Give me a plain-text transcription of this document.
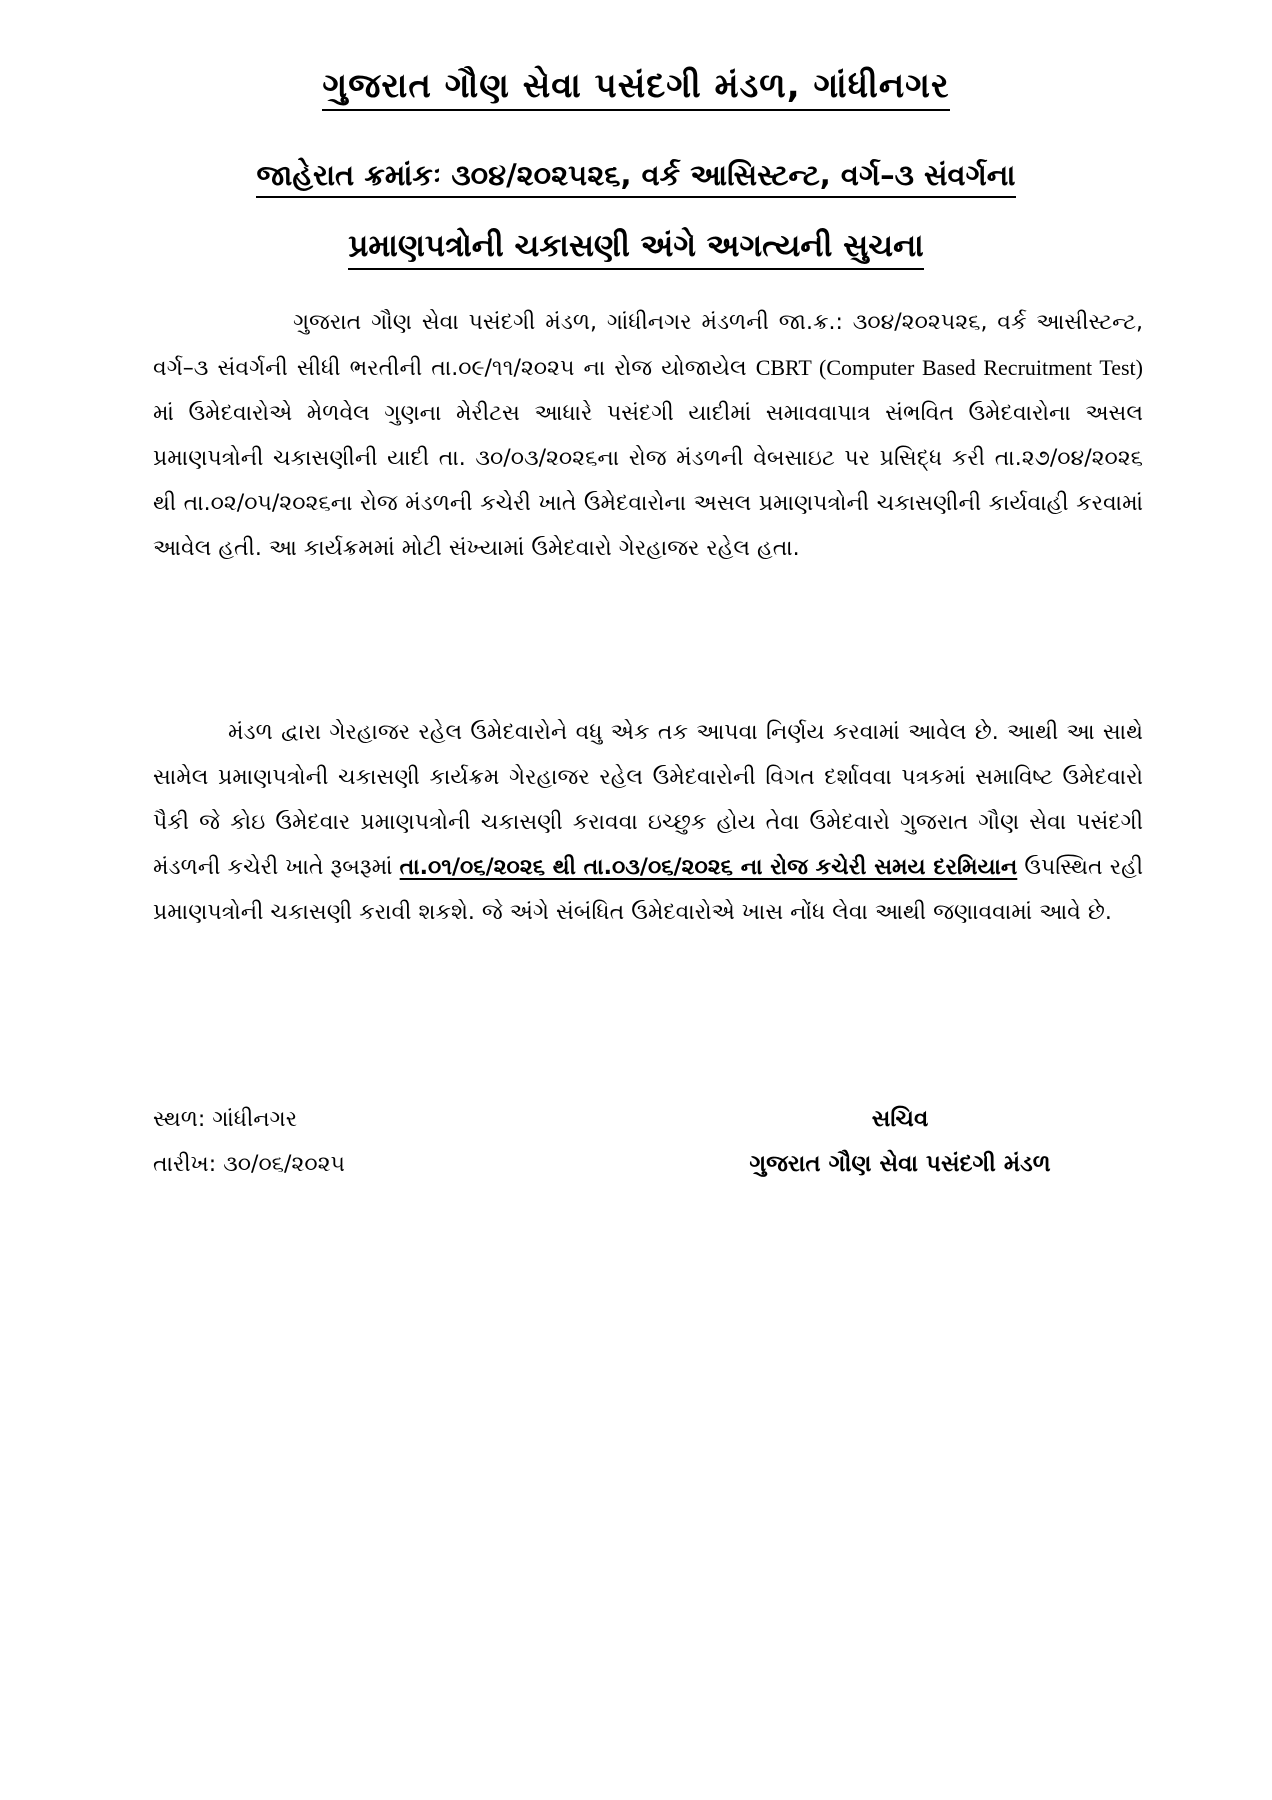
ગુજરાત ગૌણ સેવા પસંદગી મંડળ, ગાંધીનગર
જાહેરાત ક્રમાંકઃ ૩૦૪/૨૦૨૫૨૬, વર્ક આસિસ્ટન્ટ, વર્ગ–૩ સંવર્ગના
પ્રમાણપત્રોની ચકાસણી અંગે અગત્યની સુચના

ગુજરાત ગૌણ સેવા પસંદગી મંડળ, ગાંધીનગર મંડળની જા.ક્ર.: ૩૦૪/૨૦૨૫૨૬, વર્ક આસીસ્ટન્ટ, વર્ગ–૩ સંવર્ગની સીધી ભરતીની તા.૦૯/૧૧/૨૦૨૫ ના રોજ યોજાયેલ CBRT (Computer Based Recruitment Test) માં ઉમેદવારોએ મેળવેલ ગુણના મેરીટસ આધારે પસંદગી યાદીમાં સમાવવાપાત્ર સંભવિત ઉમેદવારોના અસલ પ્રમાણપત્રોની ચકાસણીની યાદી તા. ૩૦/૦૩/૨૦૨૬ના રોજ મંડળની વેબસાઇટ પર પ્રસિદ્ધ કરી તા.૨૭/૦૪/૨૦૨૬ થી તા.૦૨/૦૫/૨૦૨૬ના રોજ મંડળની કચેરી ખાતે ઉમેદવારોના અસલ પ્રમાણપત્રોની ચકાસણીની કાર્યવાહી કરવામાં આવેલ હતી. આ કાર્યક્રમમાં મોટી સંખ્યામાં ઉમેદવારો ગેરહાજર રહેલ હતા.

મંડળ દ્વારા ગેરહાજર રહેલ ઉમેદવારોને વધુ એક તક આપવા નિર્ણય કરવામાં આવેલ છે. આથી આ સાથે સામેલ પ્રમાણપત્રોની ચકાસણી કાર્યક્રમ ગેરહાજર રહેલ ઉમેદવારોની વિગત દર્શાવવા પત્રકમાં સમાવિષ્ટ ઉમેદવારો પૈકી જે કોઇ ઉમેદવાર પ્રમાણપત્રોની ચકાસણી કરાવવા ઇચ્છુક હોય તેવા ઉમેદવારો ગુજરાત ગૌણ સેવા પસંદગી મંડળની કચેરી ખાતે રૂબરૂમાં તા.૦૧/૦૬/૨૦૨૬ થી તા.૦૩/૦૬/૨૦૨૬ ના રોજ કચેરી સમય દરમિયાન ઉપસ્થિત રહી પ્રમાણપત્રોની ચકાસણી કરાવી શકશે. જે અંગે સંબંધિત ઉમેદવારોએ ખાસ નોંધ લેવા આથી જણાવવામાં આવે છે.

સ્થળ: ગાંધીનગર
તારીખ: ૩૦/૦૬/૨૦૨૫
સચિવ
ગુજરાત ગૌણ સેવા પસંદગી મંડળ
